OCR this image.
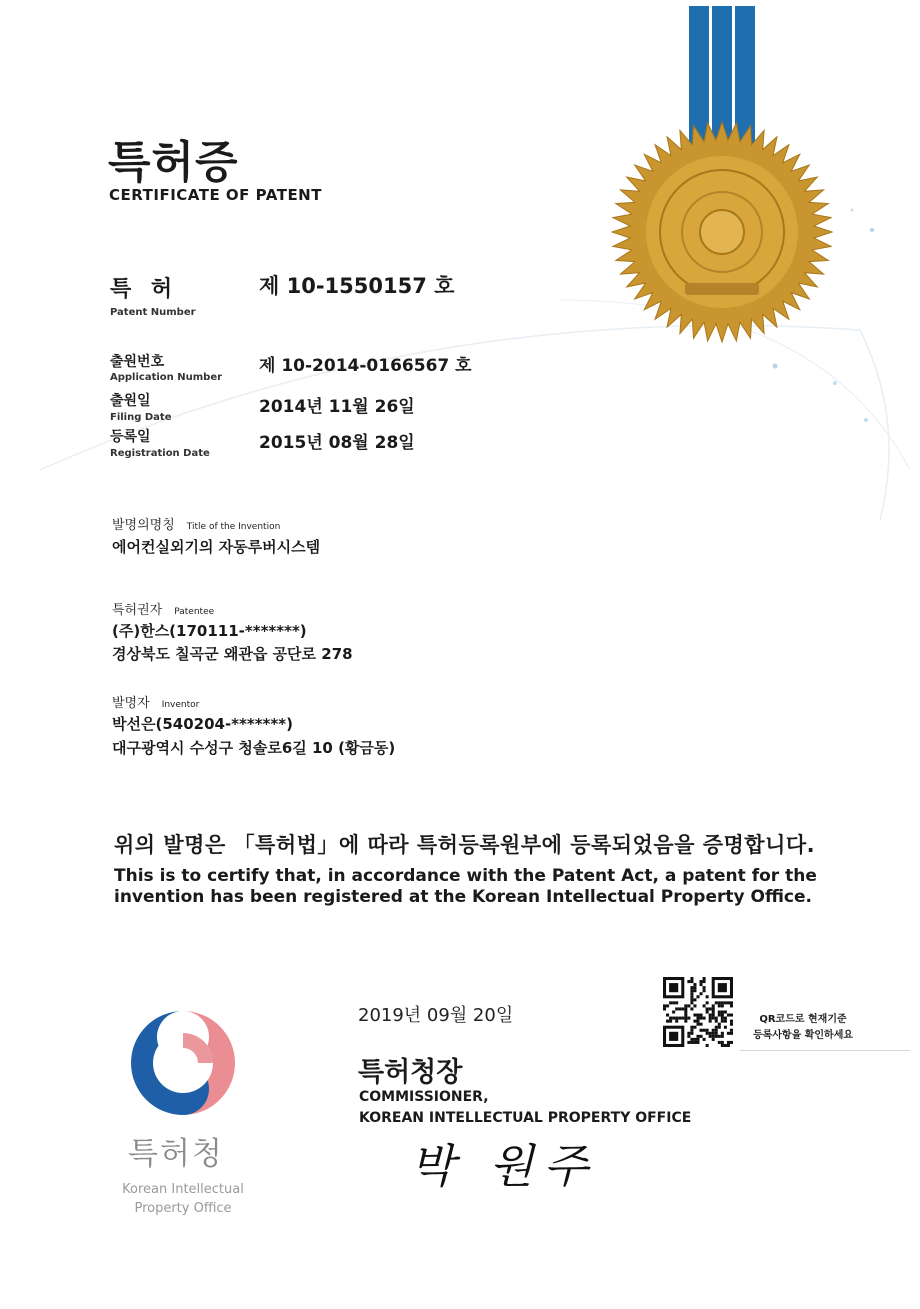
특허증
CERTIFICATE OF PATENT
특 허
Patent Number
제 10-1550157 호
출원번호
Application Number
제 10-2014-0166567 호
출원일
Filing Date
2014년 11월 26일
등록일
Registration Date
2015년 08월 28일
발명의명칭 Title of the Invention
에어컨실외기의 자동루버시스템
특허권자 Patentee
(주)한스(170111-*******)
경상북도 칠곡군 왜관읍 공단로 278
발명자 Inventor
박선은(540204-*******)
대구광역시 수성구 청솔로6길 10 (황금동)
위의 발명은 「특허법」에 따라 특허등록원부에 등록되었음을 증명합니다.
This is to certify that, in accordance with the Patent Act, a patent for the invention has been registered at the Korean Intellectual Property Office.
특허청
Korean Intellectual
Property Office
2019년 09월 20일
특허청장
COMMISSIONER,
KOREAN INTELLECTUAL PROPERTY OFFICE
박 원주
QR코드로 현재기준
등록사항을 확인하세요
